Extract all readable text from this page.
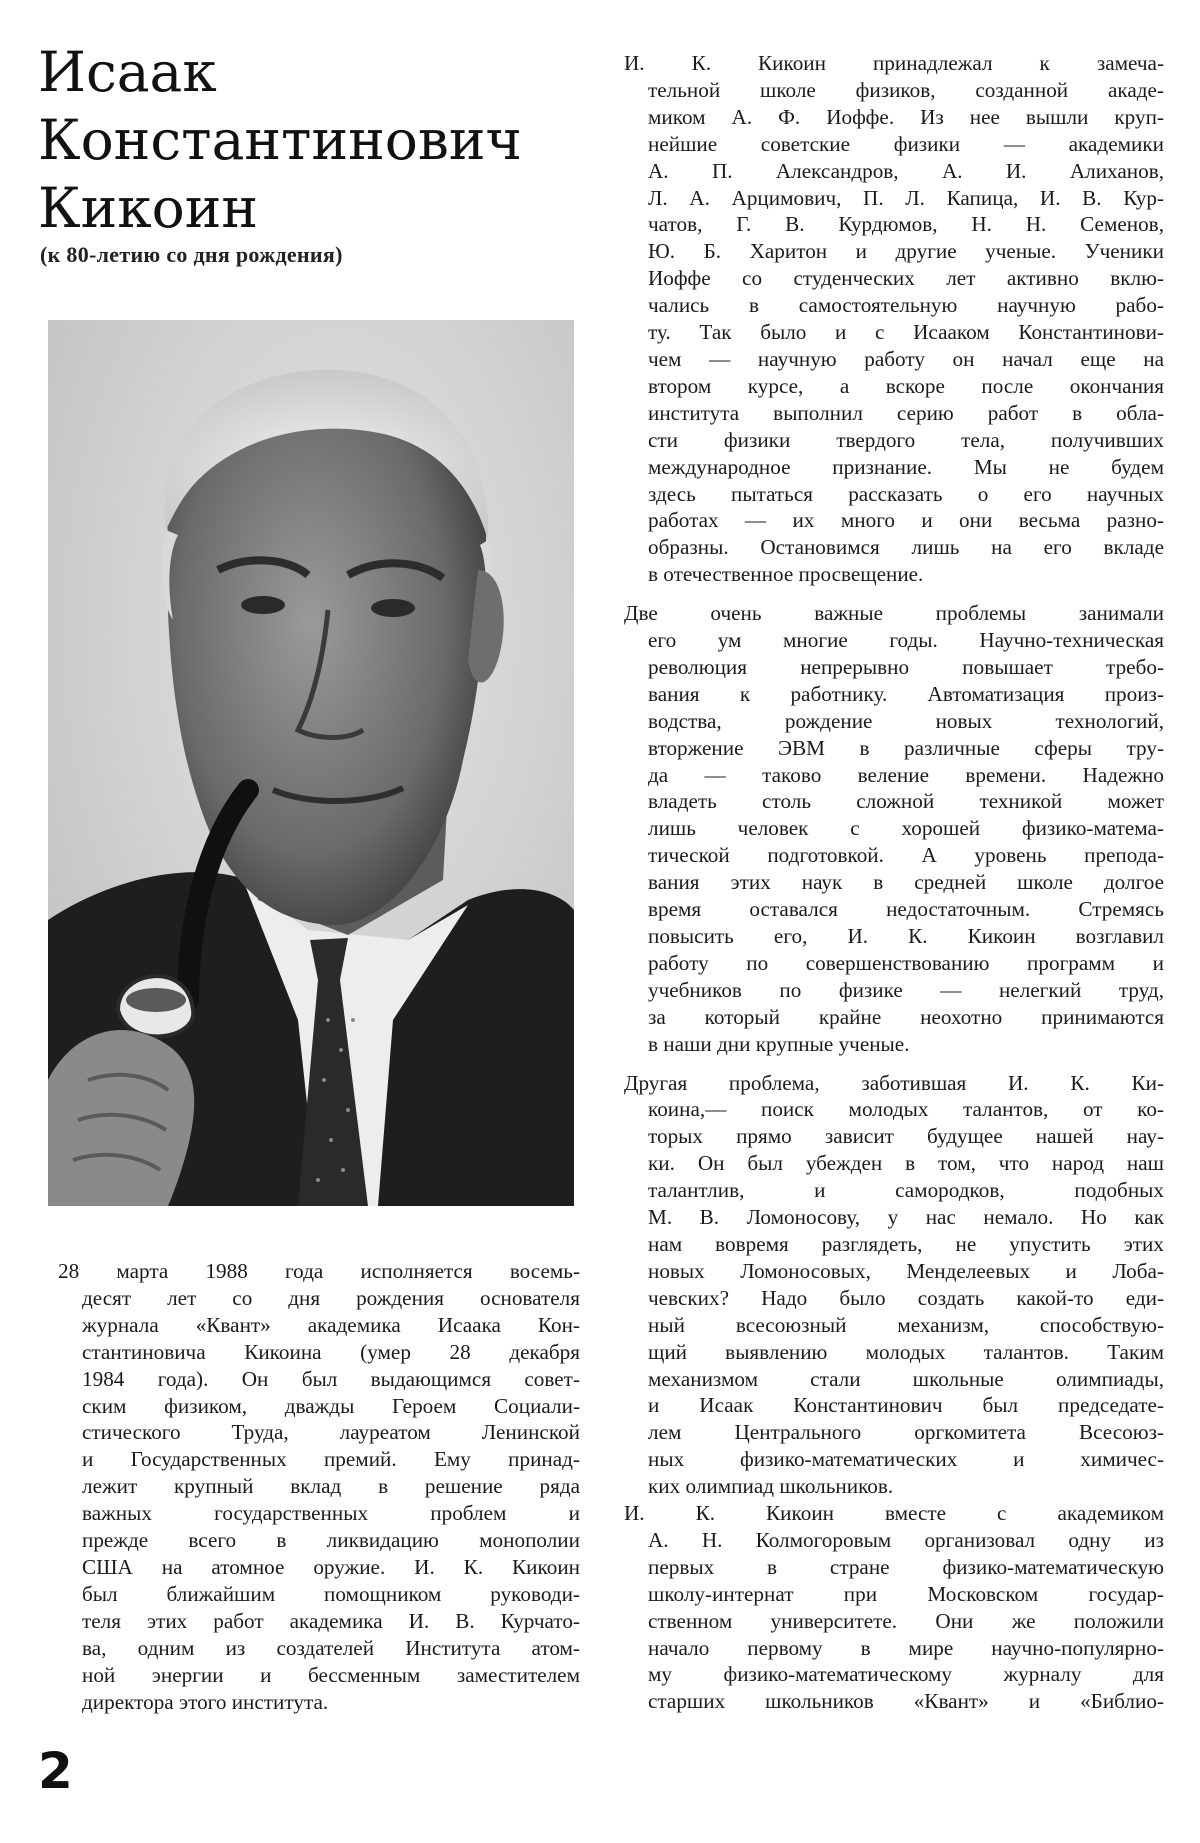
Исаак
Константинович
Кикоин

(к 80-летию со дня рождения)

28 марта 1988 года исполняется восемь-
десят лет со дня рождения основателя
журнала «Квант» академика Исаака Кон-
стантиновича Кикоина (умер 28 декабря
1984 года). Он был выдающимся совет-
ским физиком, дважды Героем Социали-
стического Труда, лауреатом Ленинской
и Государственных премий. Ему принад-
лежит крупный вклад в решение ряда
важных государственных проблем и
прежде всего в ликвидацию монополии
США на атомное оружие. И. К. Кикоин
был ближайшим помощником руководи-
теля этих работ академика И. В. Курчато-
ва, одним из создателей Института атом-
ной энергии и бессменным заместителем
директора этого института.

И. К. Кикоин принадлежал к замеча-
тельной школе физиков, созданной акаде-
миком А. Ф. Иоффе. Из нее вышли круп-
нейшие советские физики — академики
А. П. Александров, А. И. Алиханов,
Л. А. Арцимович, П. Л. Капица, И. В. Кур-
чатов, Г. В. Курдюмов, Н. Н. Семенов,
Ю. Б. Харитон и другие ученые. Ученики
Иоффе со студенческих лет активно вклю-
чались в самостоятельную научную рабо-
ту. Так было и с Исааком Константинови-
чем — научную работу он начал еще на
втором курсе, а вскоре после окончания
института выполнил серию работ в обла-
сти физики твердого тела, получивших
международное признание. Мы не будем
здесь пытаться рассказать о его научных
работах — их много и они весьма разно-
образны. Остановимся лишь на его вкладе
в отечественное просвещение.

Две очень важные проблемы занимали
его ум многие годы. Научно-техническая
революция непрерывно повышает требо-
вания к работнику. Автоматизация произ-
водства, рождение новых технологий,
вторжение ЭВМ в различные сферы тру-
да — таково веление времени. Надежно
владеть столь сложной техникой может
лишь человек с хорошей физико-матема-
тической подготовкой. А уровень препода-
вания этих наук в средней школе долгое
время оставался недостаточным. Стремясь
повысить его, И. К. Кикоин возглавил
работу по совершенствованию программ и
учебников по физике — нелегкий труд,
за который крайне неохотно принимаются
в наши дни крупные ученые.

Другая проблема, заботившая И. К. Ки-
коина,— поиск молодых талантов, от ко-
торых прямо зависит будущее нашей нау-
ки. Он был убежден в том, что народ наш
талантлив, и самородков, подобных
М. В. Ломоносову, у нас немало. Но как
нам вовремя разглядеть, не упустить этих
новых Ломоносовых, Менделеевых и Лоба-
чевских? Надо было создать какой-то еди-
ный всесоюзный механизм, способствую-
щий выявлению молодых талантов. Таким
механизмом стали школьные олимпиады,
и Исаак Константинович был председате-
лем Центрального оргкомитета Всесоюз-
ных физико-математических и химичес-
ких олимпиад школьников.

И. К. Кикоин вместе с академиком
А. Н. Колмогоровым организовал одну из
первых в стране физико-математическую
школу-интернат при Московском государ-
ственном университете. Они же положили
начало первому в мире научно-популярно-
му физико-математическому журналу для
старших школьников «Квант» и «Библио-

2
